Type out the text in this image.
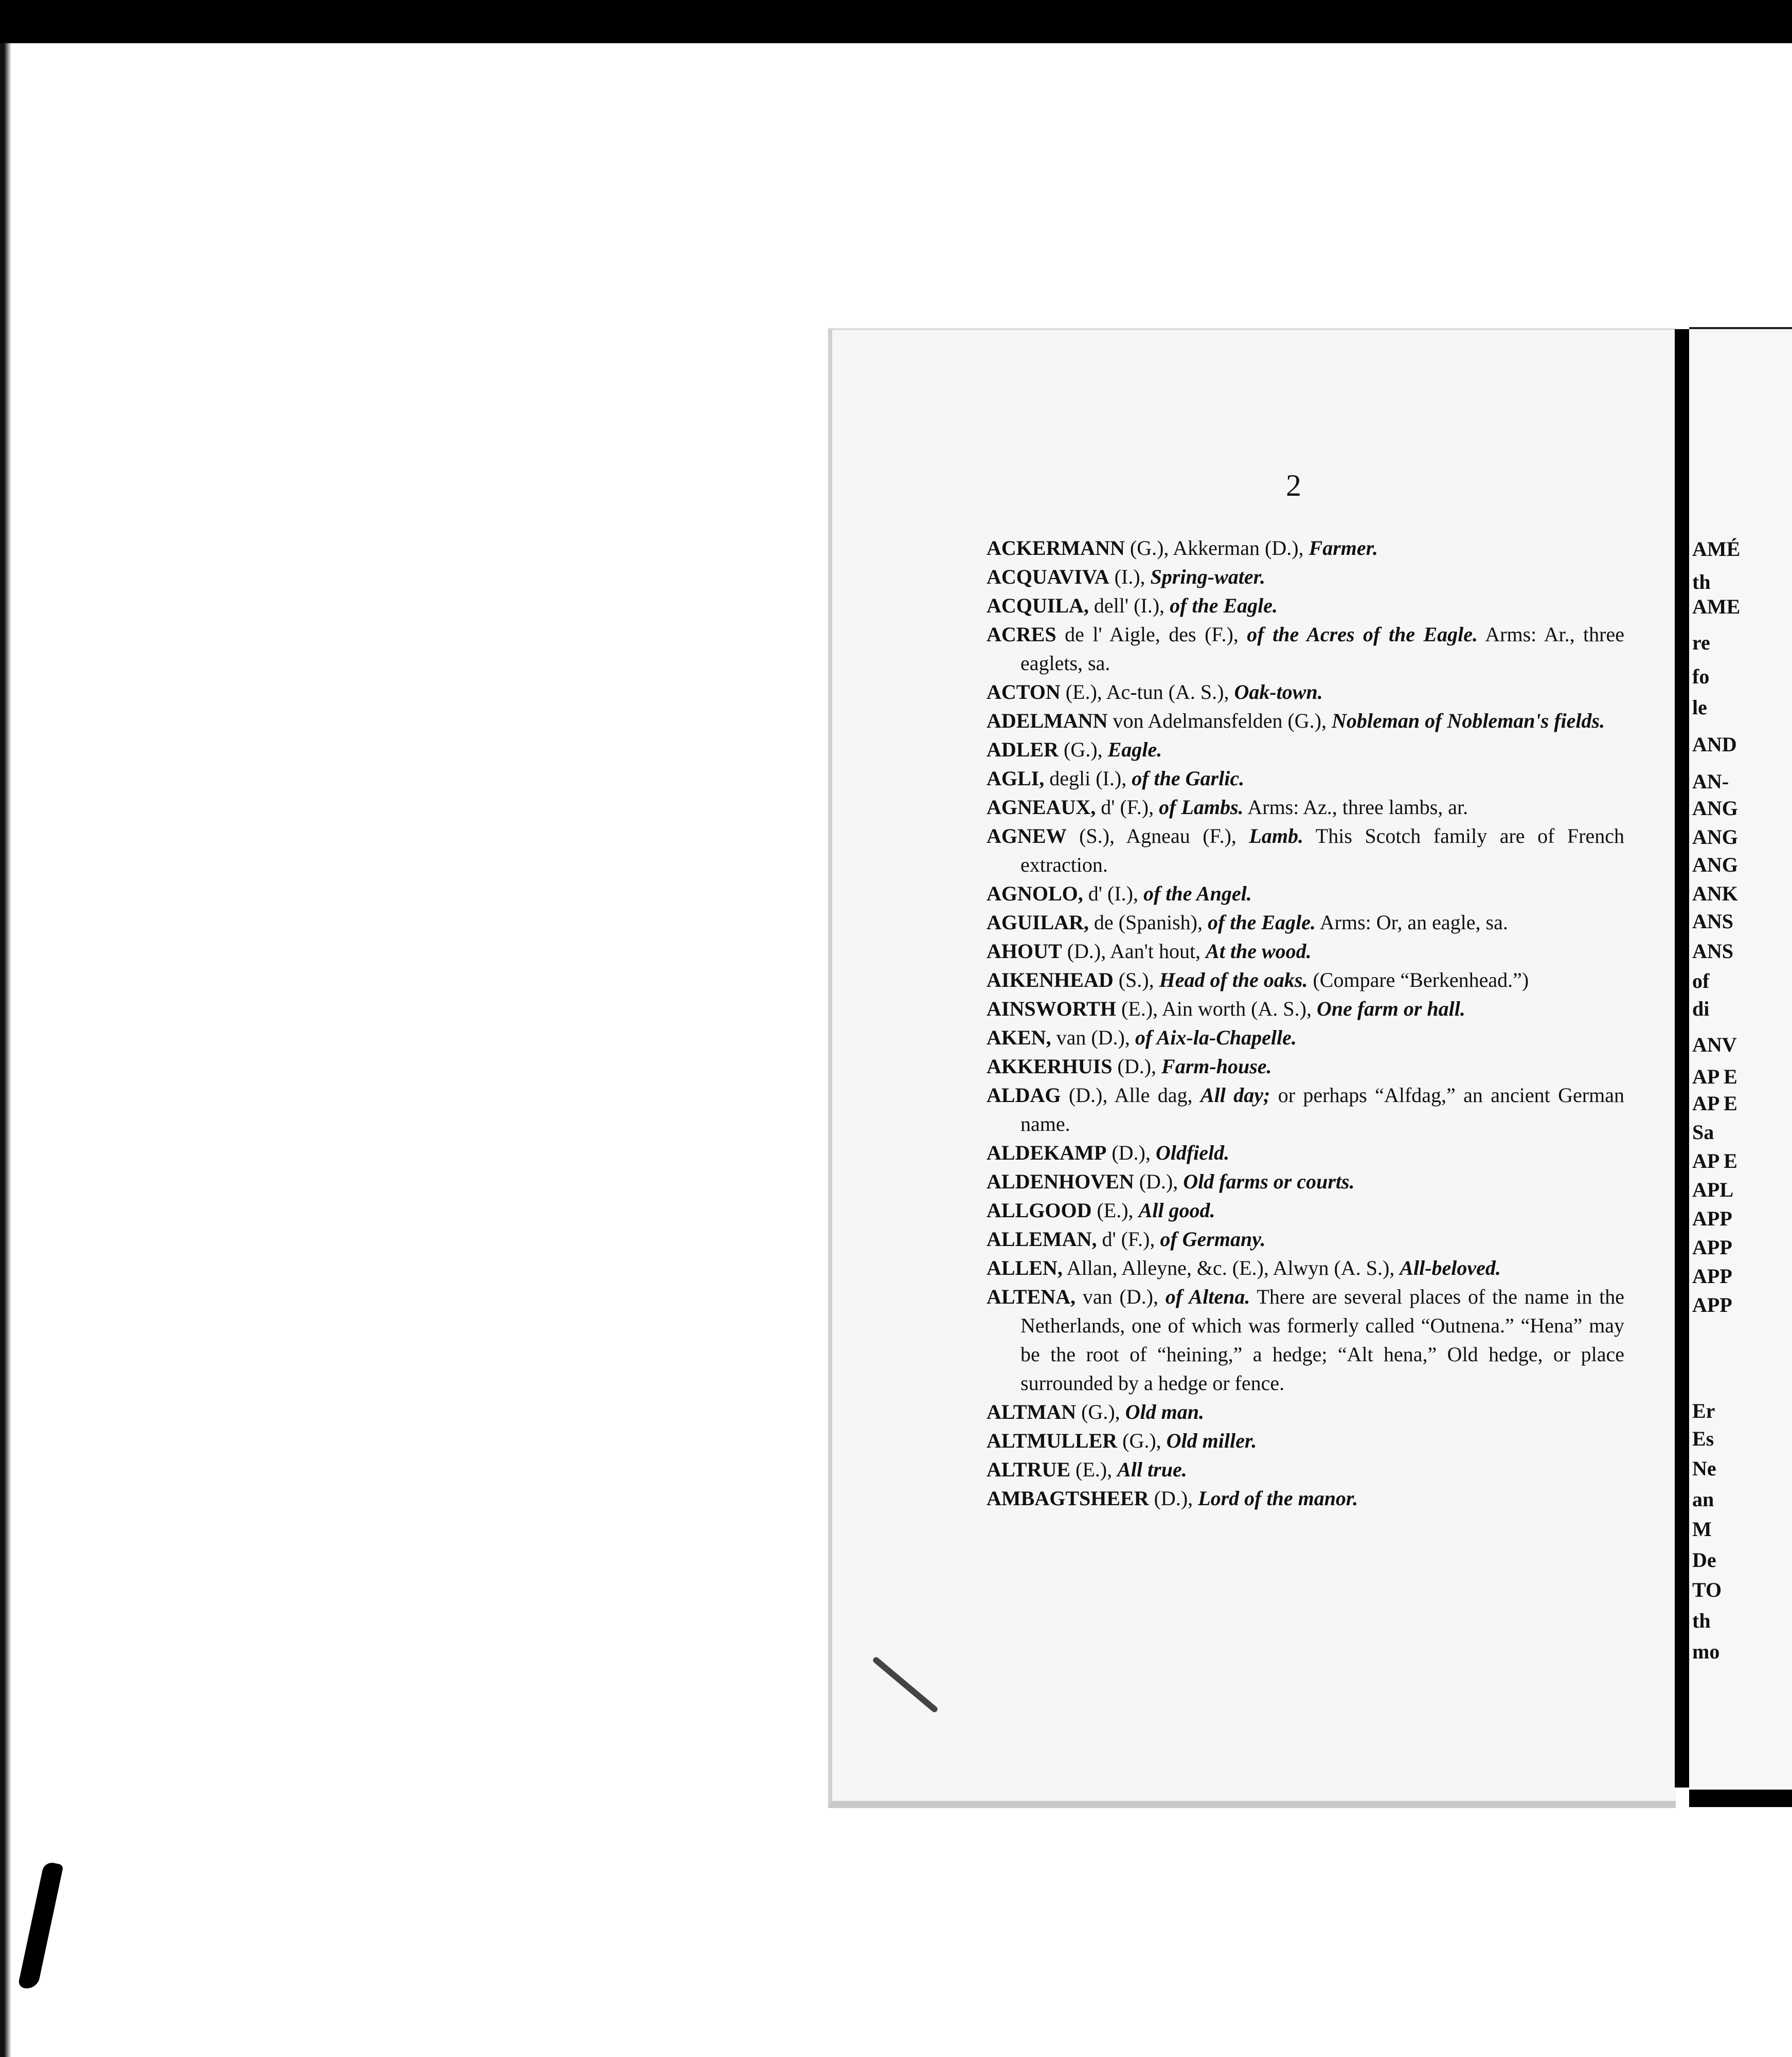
2

ACKERMANN (G.), Akkerman (D.), Farmer.

ACQUAVIVA (I.), Spring-water.

ACQUILA, dell' (I.), of the Eagle.

ACRES de l' Aigle, des (F.), of the Acres of the Eagle. Arms: Ar., three eaglets, sa.

ACTON (E.), Ac-tun (A. S.), Oak-town.

ADELMANN von Adelmansfelden (G.), Nobleman of Nobleman's fields.

ADLER (G.), Eagle.

AGLI, degli (I.), of the Garlic.

AGNEAUX, d' (F.), of Lambs. Arms: Az., three lambs, ar.

AGNEW (S.), Agneau (F.), Lamb. This Scotch family are of French extraction.

AGNOLO, d' (I.), of the Angel.

AGUILAR, de (Spanish), of the Eagle. Arms: Or, an eagle, sa.

AHOUT (D.), Aan't hout, At the wood.

AIKENHEAD (S.), Head of the oaks. (Compare “Berkenhead.”)

AINSWORTH (E.), Ain worth (A. S.), One farm or hall.

AKEN, van (D.), of Aix-la-Chapelle.

AKKERHUIS (D.), Farm-house.

ALDAG (D.), Alle dag, All day; or perhaps “Alfdag,” an ancient German name.

ALDEKAMP (D.), Oldfield.

ALDENHOVEN (D.), Old farms or courts.

ALLGOOD (E.), All good.

ALLEMAN, d' (F.), of Germany.

ALLEN, Allan, Alleyne, &c. (E.), Alwyn (A. S.), All-beloved.

ALTENA, van (D.), of Altena. There are several places of the name in the Netherlands, one of which was formerly called “Outnena.” “Hena” may be the root of “heining,” a hedge; “Alt hena,” Old hedge, or place surrounded by a hedge or fence.

ALTMAN (G.), Old man.

ALTMULLER (G.), Old miller.

ALTRUE (E.), All true.

AMBAGTSHEER (D.), Lord of the manor.

AMÉ
th
AME
re
fo
le
AND
AN-
ANG
ANG
ANG
ANK
ANS
ANS
of
di
ANV
AP E
AP E
Sa
AP E
APL
APP
APP
APP
APP
Er
Es
Ne
an
M
De
TO
th
mo
